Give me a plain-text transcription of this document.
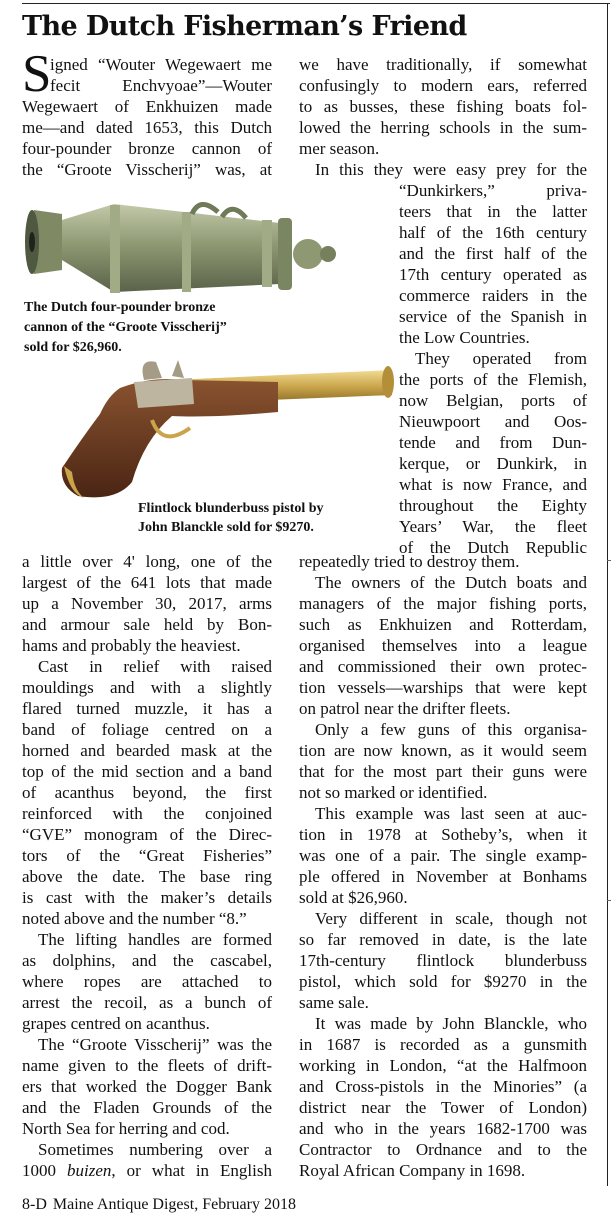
The Dutch Fisherman’s Friend
S
igned “Wouter Wegewaert me
fecit Enchvyoae”—Wouter
Wegewaert of Enkhuizen made
me—and dated 1653, this Dutch
four-pounder bronze cannon of
the “Groote Visscherij” was, at
we have traditionally, if somewhat
confusingly to modern ears, referred
to as busses, these fishing boats fol-
lowed the herring schools in the sum-
mer season.
In this they were easy prey for the
“Dunkirkers,” priva-
teers that in the latter
half of the 16th century
and the first half of the
17th century operated as
commerce raiders in the
service of the Spanish in
the Low Countries.
They operated from
the ports of the Flemish,
now Belgian, ports of
Nieuwpoort and Oos-
tende and from Dun-
kerque, or Dunkirk, in
what is now France, and
throughout the Eighty
Years’ War, the fleet
of the Dutch Republic
The Dutch four-pounder bronze
cannon of the “Groote Visscherij”
sold for $26,960.
Flintlock blunderbuss pistol by
John Blanckle sold for $9270.
a little over 4' long, one of the
largest of the 641 lots that made
up a November 30, 2017, arms
and armour sale held by Bon-
hams and probably the heaviest.
Cast in relief with raised
mouldings and with a slightly
flared turned muzzle, it has a
band of foliage centred on a
horned and bearded mask at the
top of the mid section and a band
of acanthus beyond, the first
reinforced with the conjoined
“GVE” monogram of the Direc-
tors of the “Great Fisheries”
above the date. The base ring
is cast with the maker’s details
noted above and the number “8.”
The lifting handles are formed
as dolphins, and the cascabel,
where ropes are attached to
arrest the recoil, as a bunch of
grapes centred on acanthus.
The “Groote Visscherij” was the
name given to the fleets of drift-
ers that worked the Dogger Bank
and the Fladen Grounds of the
North Sea for herring and cod.
Sometimes numbering over a
1000 buizen, or what in English
repeatedly tried to destroy them.
The owners of the Dutch boats and
managers of the major fishing ports,
such as Enkhuizen and Rotterdam,
organised themselves into a league
and commissioned their own protec-
tion vessels—warships that were kept
on patrol near the drifter fleets.
Only a few guns of this organisa-
tion are now known, as it would seem
that for the most part their guns were
not so marked or identified.
This example was last seen at auc-
tion in 1978 at Sotheby’s, when it
was one of a pair. The single examp-
ple offered in November at Bonhams
sold at $26,960.
Very different in scale, though not
so far removed in date, is the late
17th-century flintlock blunderbuss
pistol, which sold for $9270 in the
same sale.
It was made by John Blanckle, who
in 1687 is recorded as a gunsmith
working in London, “at the Halfmoon
and Cross-pistols in the Minories” (a
district near the Tower of London)
and who in the years 1682-1700 was
Contractor to Ordnance and to the
Royal African Company in 1698.
8-D Maine Antique Digest, February 2018
